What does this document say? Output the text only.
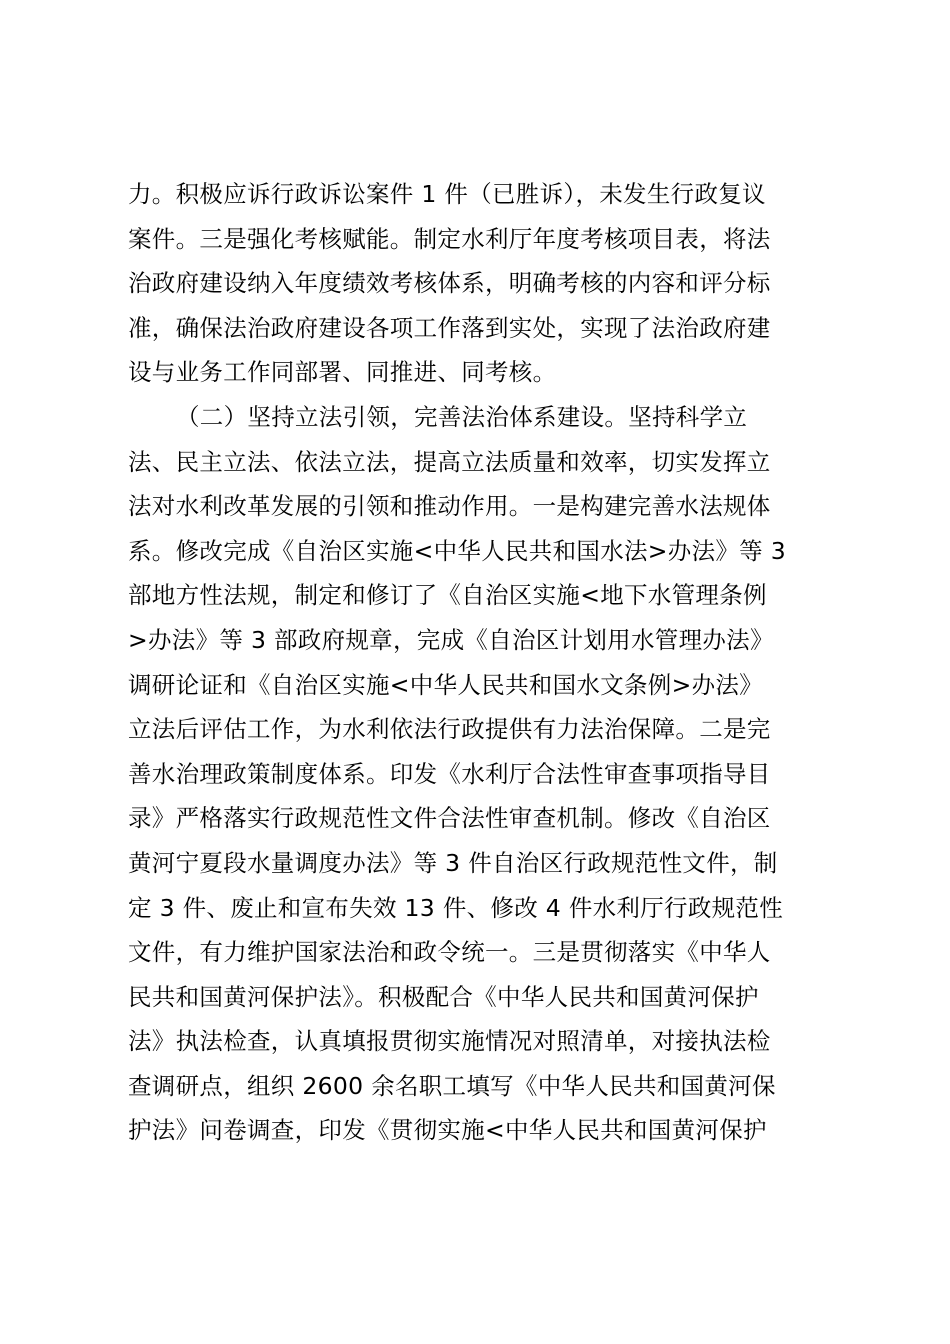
力。积极应诉行政诉讼案件 1 件（已胜诉），未发生行政复议
案件。三是强化考核赋能。制定水利厅年度考核项目表，将法
治政府建设纳入年度绩效考核体系，明确考核的内容和评分标
准，确保法治政府建设各项工作落到实处，实现了法治政府建
设与业务工作同部署、同推进、同考核。
（二）坚持立法引领，完善法治体系建设。坚持科学立
法、民主立法、依法立法，提高立法质量和效率，切实发挥立
法对水利改革发展的引领和推动作用。一是构建完善水法规体
系。修改完成《自治区实施<中华人民共和国水法>办法》等 3
部地方性法规，制定和修订了《自治区实施<地下水管理条例
>办法》等 3 部政府规章，完成《自治区计划用水管理办法》
调研论证和《自治区实施<中华人民共和国水文条例>办法》
立法后评估工作，为水利依法行政提供有力法治保障。二是完
善水治理政策制度体系。印发《水利厅合法性审查事项指导目
录》严格落实行政规范性文件合法性审查机制。修改《自治区
黄河宁夏段水量调度办法》等 3 件自治区行政规范性文件，制
定 3 件、废止和宣布失效 13 件、修改 4 件水利厅行政规范性
文件，有力维护国家法治和政令统一。三是贯彻落实《中华人
民共和国黄河保护法》。积极配合《中华人民共和国黄河保护
法》执法检查，认真填报贯彻实施情况对照清单，对接执法检
查调研点，组织 2600 余名职工填写《中华人民共和国黄河保
护法》问卷调查，印发《贯彻实施<中华人民共和国黄河保护
